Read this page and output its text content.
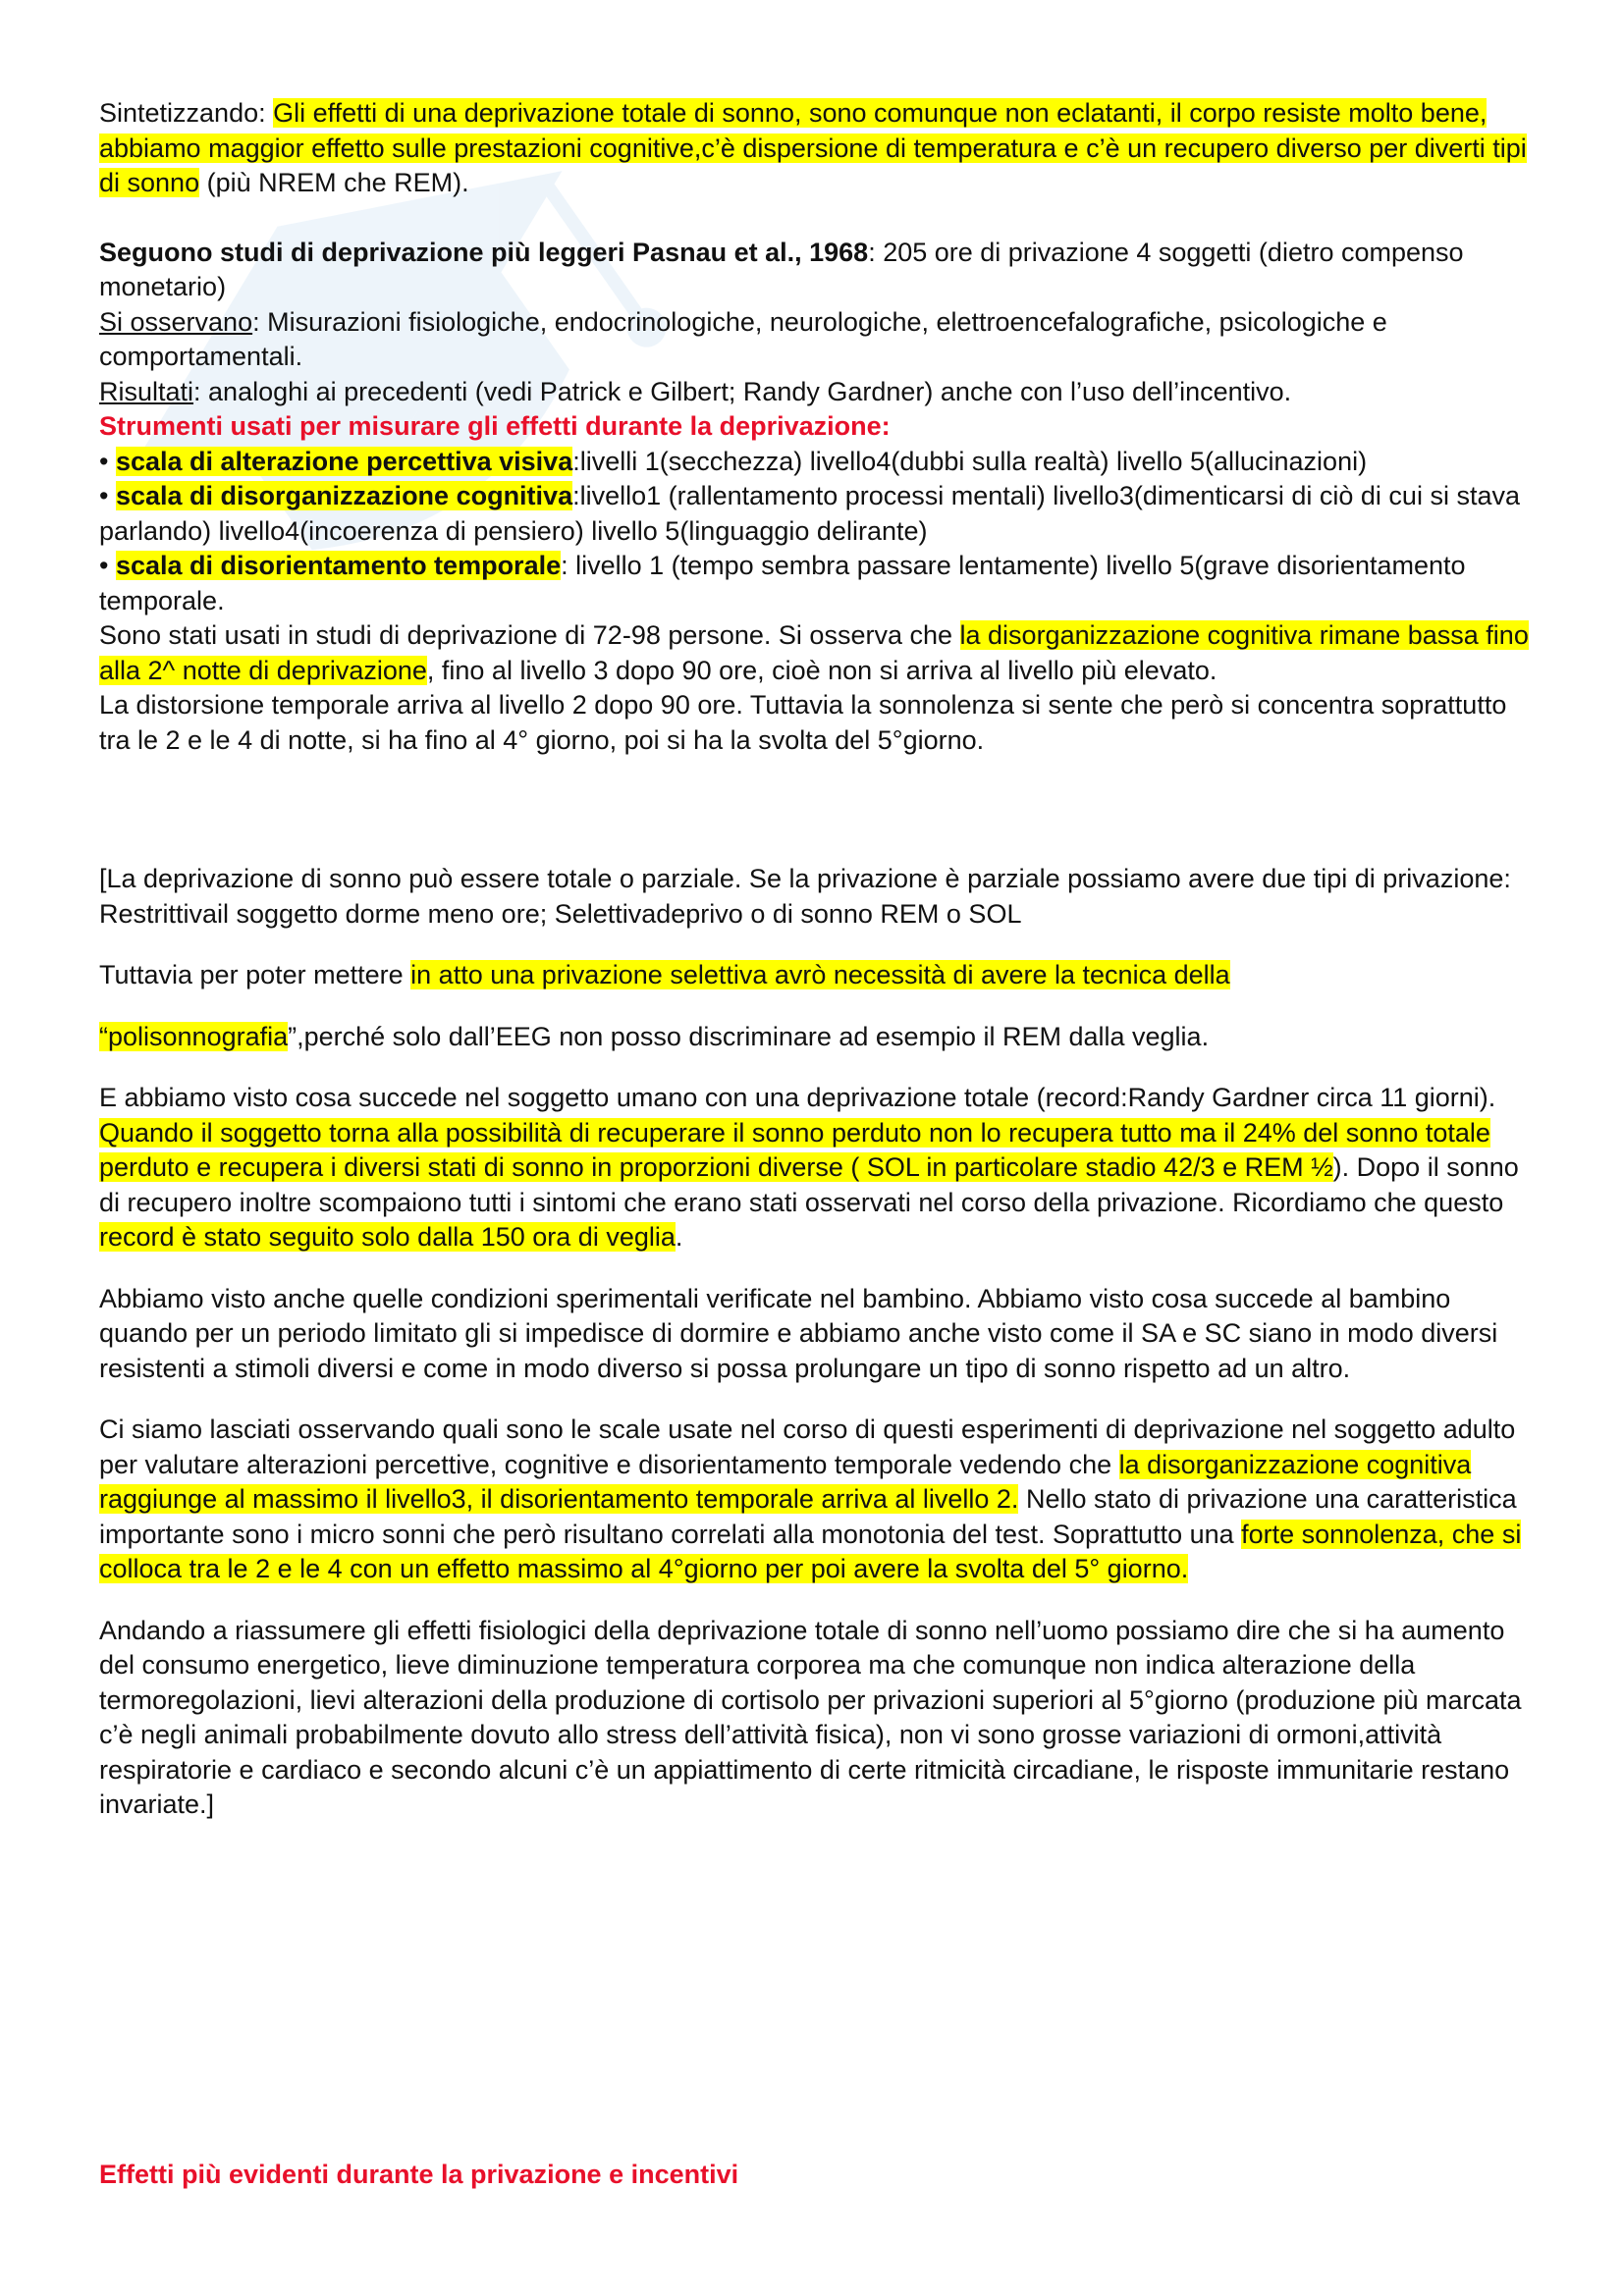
Sintetizzando: Gli effetti di una deprivazione totale di sonno, sono comunque non eclatanti, il corpo resiste molto bene, abbiamo maggior effetto sulle prestazioni cognitive,c’è dispersione di temperatura e c’è un recupero diverso per diverti tipi di sonno (più NREM che REM).

Seguono studi di deprivazione più leggeri Pasnau et al., 1968: 205 ore di privazione 4 soggetti (dietro compenso monetario)

Si osservano: Misurazioni fisiologiche, endocrinologiche, neurologiche, elettroencefalografiche, psicologiche e comportamentali.

Risultati: analoghi ai precedenti (vedi Patrick e Gilbert; Randy Gardner) anche con l’uso dell’incentivo.

Strumenti usati per misurare gli effetti durante la deprivazione:

• scala di alterazione percettiva visiva:livelli 1(secchezza) livello4(dubbi sulla realtà) livello 5(allucinazioni)

• scala di disorganizzazione cognitiva:livello1 (rallentamento processi mentali) livello3(dimenticarsi di ciò di cui si stava parlando) livello4(incoerenza di pensiero) livello 5(linguaggio delirante)

• scala di disorientamento temporale: livello 1 (tempo sembra passare lentamente) livello 5(grave disorientamento temporale.

Sono stati usati in studi di deprivazione di 72-98 persone. Si osserva che la disorganizzazione cognitiva rimane bassa fino alla 2^ notte di deprivazione, fino al livello 3 dopo 90 ore, cioè non si arriva al livello più elevato.

La distorsione temporale arriva al livello 2 dopo 90 ore. Tuttavia la sonnolenza si sente che però si concentra soprattutto tra le 2 e le 4 di notte, si ha fino al 4° giorno, poi si ha la svolta del 5°giorno.

[La deprivazione di sonno può essere totale o parziale. Se la privazione è parziale possiamo avere due tipi di privazione: Restrittivail soggetto dorme meno ore; Selettivadeprivo o di sonno REM o SOL

Tuttavia per poter mettere in atto una privazione selettiva avrò necessità di avere la tecnica della

“polisonnografia”,perché solo dall’EEG non posso discriminare ad esempio il REM dalla veglia.

E abbiamo visto cosa succede nel soggetto umano con una deprivazione totale (record:Randy Gardner circa 11 giorni). Quando il soggetto torna alla possibilità di recuperare il sonno perduto non lo recupera tutto ma il 24% del sonno totale perduto e recupera i diversi stati di sonno in proporzioni diverse ( SOL in particolare stadio 42/3 e REM ½). Dopo il sonno di recupero inoltre scompaiono tutti i sintomi che erano stati osservati nel corso della privazione. Ricordiamo che questo record è stato seguito solo dalla 150 ora di veglia.

Abbiamo visto anche quelle condizioni sperimentali verificate nel bambino. Abbiamo visto cosa succede al bambino quando per un periodo limitato gli si impedisce di dormire e abbiamo anche visto come il SA e SC siano in modo diversi resistenti a stimoli diversi e come in modo diverso si possa prolungare un tipo di sonno rispetto ad un altro.

Ci siamo lasciati osservando quali sono le scale usate nel corso di questi esperimenti di deprivazione nel soggetto adulto per valutare alterazioni percettive, cognitive e disorientamento temporale vedendo che la disorganizzazione cognitiva raggiunge al massimo il livello3, il disorientamento temporale arriva al livello 2. Nello stato di privazione una caratteristica importante sono i micro sonni che però risultano correlati alla monotonia del test. Soprattutto una forte sonnolenza, che si colloca tra le 2 e le 4 con un effetto massimo al 4°giorno per poi avere la svolta del 5° giorno.

Andando a riassumere gli effetti fisiologici della deprivazione totale di sonno nell’uomo possiamo dire che si ha aumento del consumo energetico, lieve diminuzione temperatura corporea ma che comunque non indica alterazione della termoregolazioni, lievi alterazioni della produzione di cortisolo per privazioni superiori al 5°giorno (produzione più marcata c’è negli animali probabilmente dovuto allo stress dell’attività fisica), non vi sono grosse variazioni di ormoni,attività respiratorie e cardiaco e secondo alcuni c’è un appiattimento di certe ritmicità circadiane, le risposte immunitarie restano invariate.]

Effetti più evidenti durante la privazione e incentivi
